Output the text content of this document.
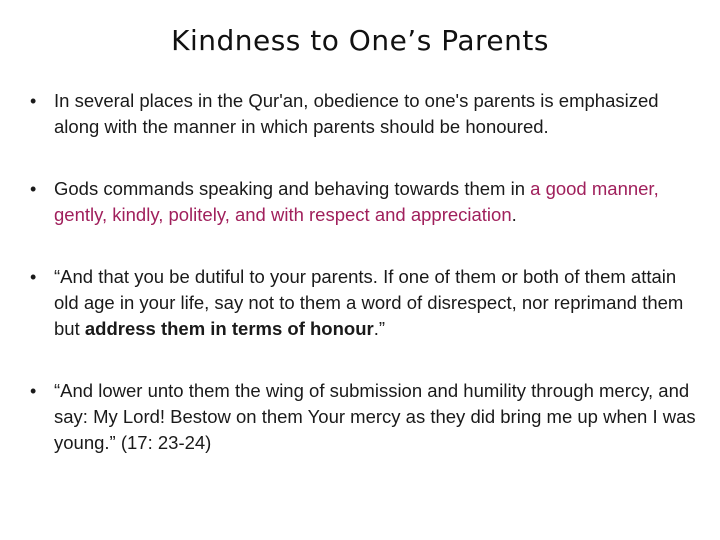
Kindness to One’s Parents
• In several places in the Qur'an, obedience to one's parents is emphasized along with the manner in which parents should be honoured.
• Gods commands speaking and behaving towards them in a good manner, gently, kindly, politely, and with respect and appreciation.
• “And that you be dutiful to your parents. If one of them or both of them attain old age in your life, say not to them a word of disrespect, nor reprimand them but address them in terms of honour.”
• “And lower unto them the wing of submission and humility through mercy, and say: My Lord! Bestow on them Your mercy as they did bring me up when I was young.” (17: 23-24)
